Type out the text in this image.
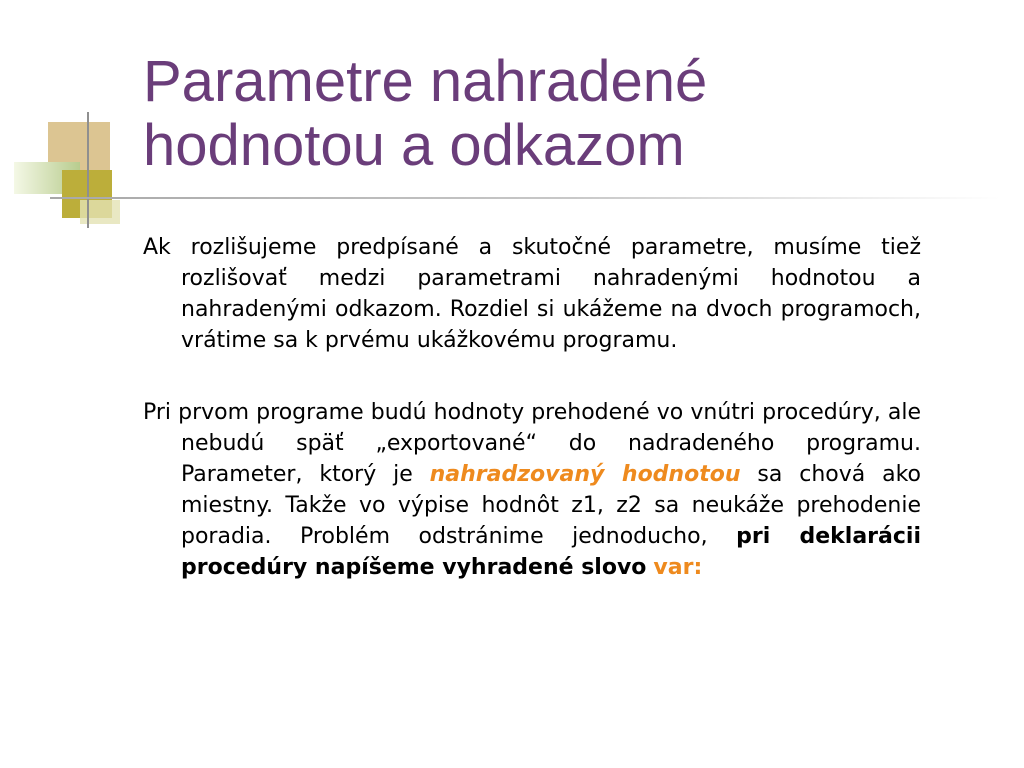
Parametre nahradené
hodnotou a odkazom

Ak rozlišujeme predpísané a skutočné parametre, musíme tiež rozlišovať medzi parametrami nahradenými hodnotou a nahradenými odkazom. Rozdiel si ukážeme na dvoch programoch, vrátime sa k prvému ukážkovému programu.

Pri prvom programe budú hodnoty prehodené vo vnútri procedúry, ale nebudú späť „exportované“ do nadradeného programu. Parameter, ktorý je nahradzovaný hodnotou sa chová ako miestny. Takže vo výpise hodnôt z1, z2 sa neukáže prehodenie poradia. Problém odstránime jednoducho, pri deklarácii procedúry napíšeme vyhradené slovo var:
